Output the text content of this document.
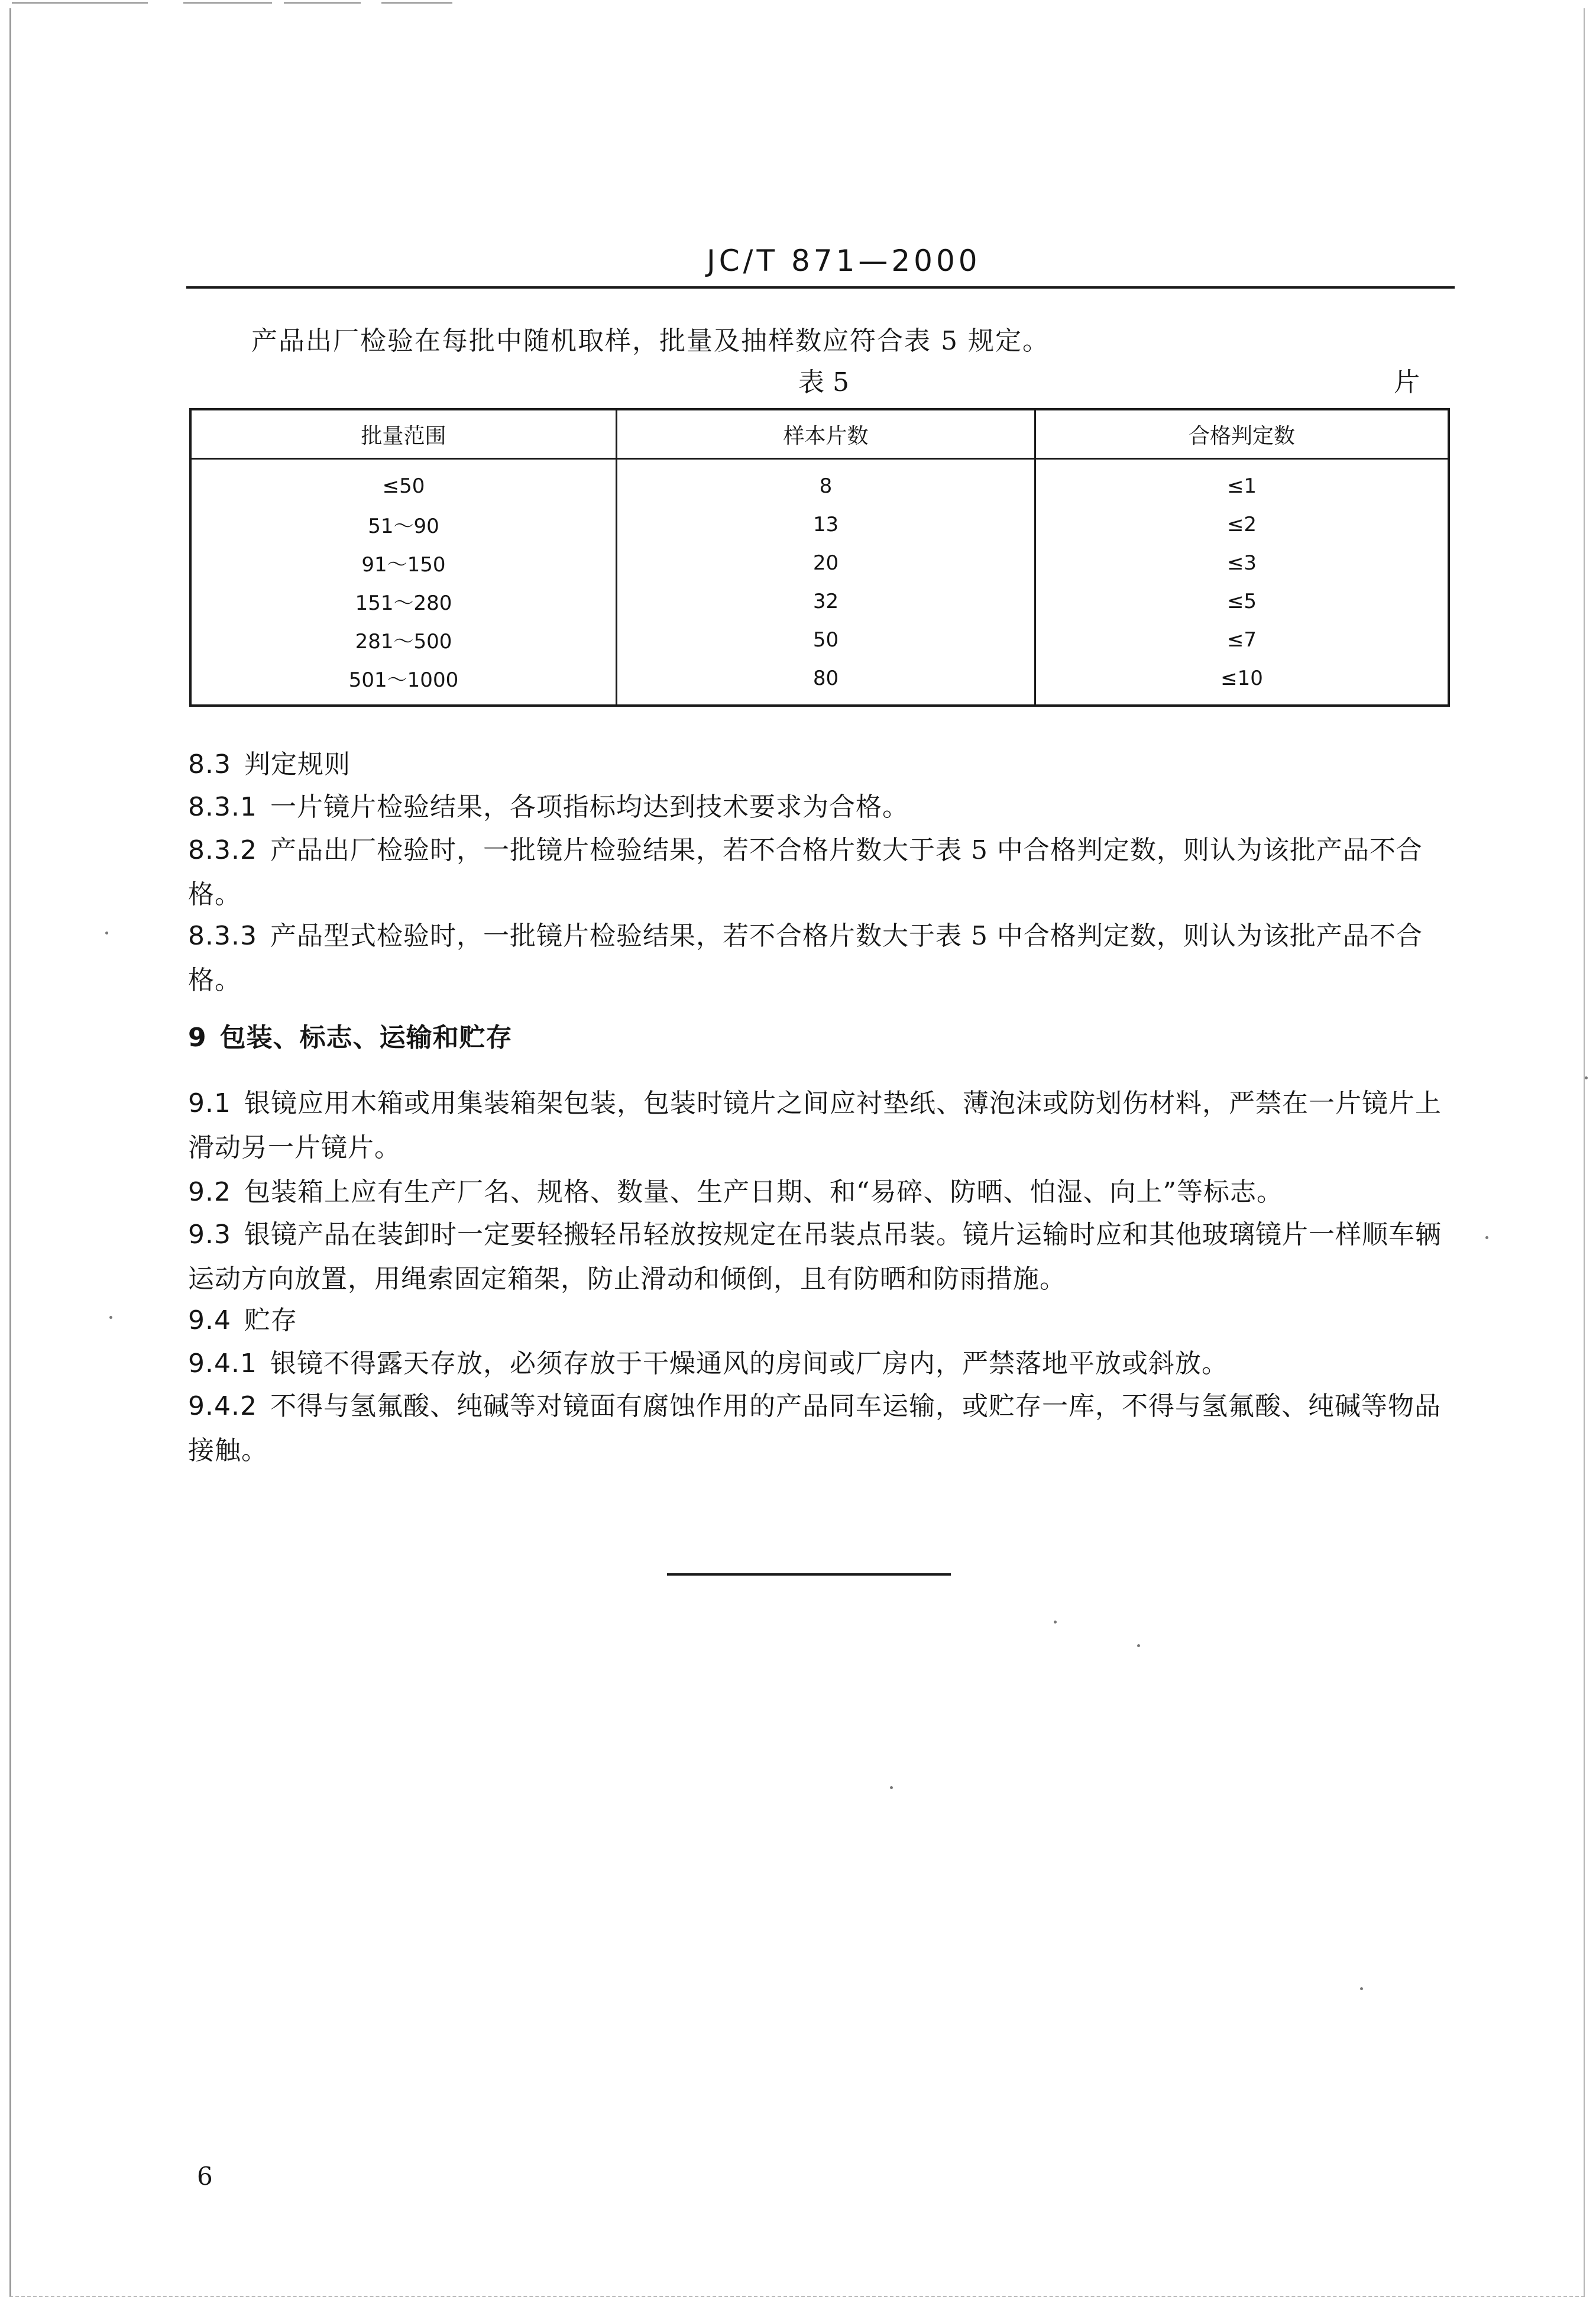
JC/T 871—2000
产品出厂检验在每批中随机取样，批量及抽样数应符合表 5 规定。
表 5	片
批量范围	样本片数	合格判定数
≤50	8	≤1
51～90	13	≤2
91～150	20	≤3
151～280	32	≤5
281～500	50	≤7
501～1000	80	≤10

8.3 判定规则

8.3.1 一片镜片检验结果，各项指标均达到技术要求为合格。

8.3.2 产品出厂检验时，一批镜片检验结果，若不合格片数大于表 5 中合格判定数，则认为该批产品不合格。

8.3.3 产品型式检验时，一批镜片检验结果，若不合格片数大于表 5 中合格判定数，则认为该批产品不合格。

9 包装、标志、运输和贮存

9.1 银镜应用木箱或用集装箱架包装，包装时镜片之间应衬垫纸、薄泡沫或防划伤材料，严禁在一片镜片上滑动另一片镜片。

9.2 包装箱上应有生产厂名、规格、数量、生产日期、和“易碎、防晒、怕湿、向上”等标志。

9.3 银镜产品在装卸时一定要轻搬轻吊轻放按规定在吊装点吊装。镜片运输时应和其他玻璃镜片一样顺车辆运动方向放置，用绳索固定箱架，防止滑动和倾倒，且有防晒和防雨措施。

9.4 贮存

9.4.1 银镜不得露天存放，必须存放于干燥通风的房间或厂房内，严禁落地平放或斜放。

9.4.2 不得与氢氟酸、纯碱等对镜面有腐蚀作用的产品同车运输，或贮存一库，不得与氢氟酸、纯碱等物品接触。

6
